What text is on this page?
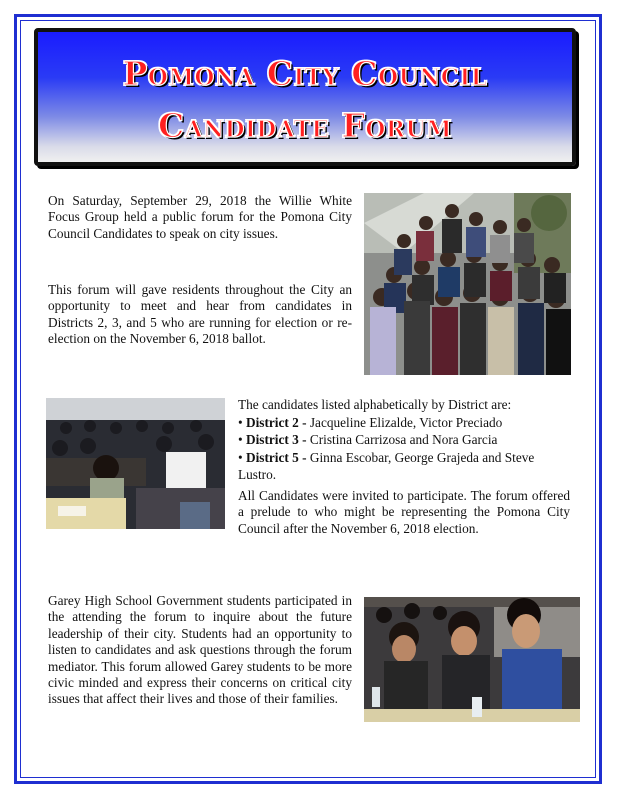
Pomona City Council
Candidate Forum

On Saturday, September 29, 2018 the Willie White Focus Group held a public forum for the Pomona City Council Candidates to speak on city issues.

This forum will gave residents throughout the City an opportunity to meet and hear from candidates in Districts 2, 3, and 5 who are running for election or re-election on the November 6, 2018 ballot.

The candidates listed alphabetically by District are:
• District 2 - Jacqueline Elizalde, Victor Preciado
• District 3 - Cristina Carrizosa and Nora Garcia
• District 5 - Ginna Escobar, George Grajeda and Steve Lustro.

All Candidates were invited to participate. The forum offered a prelude to who might be representing the Pomona City Council after the November 6, 2018 election.

Garey High School Government students participated in the attending the forum to inquire about the future leadership of their city. Students had an opportunity to listen to candidates and ask questions through the forum mediator. This forum allowed Garey students to be more civic minded and express their concerns on critical city issues that affect their lives and those of their families.
